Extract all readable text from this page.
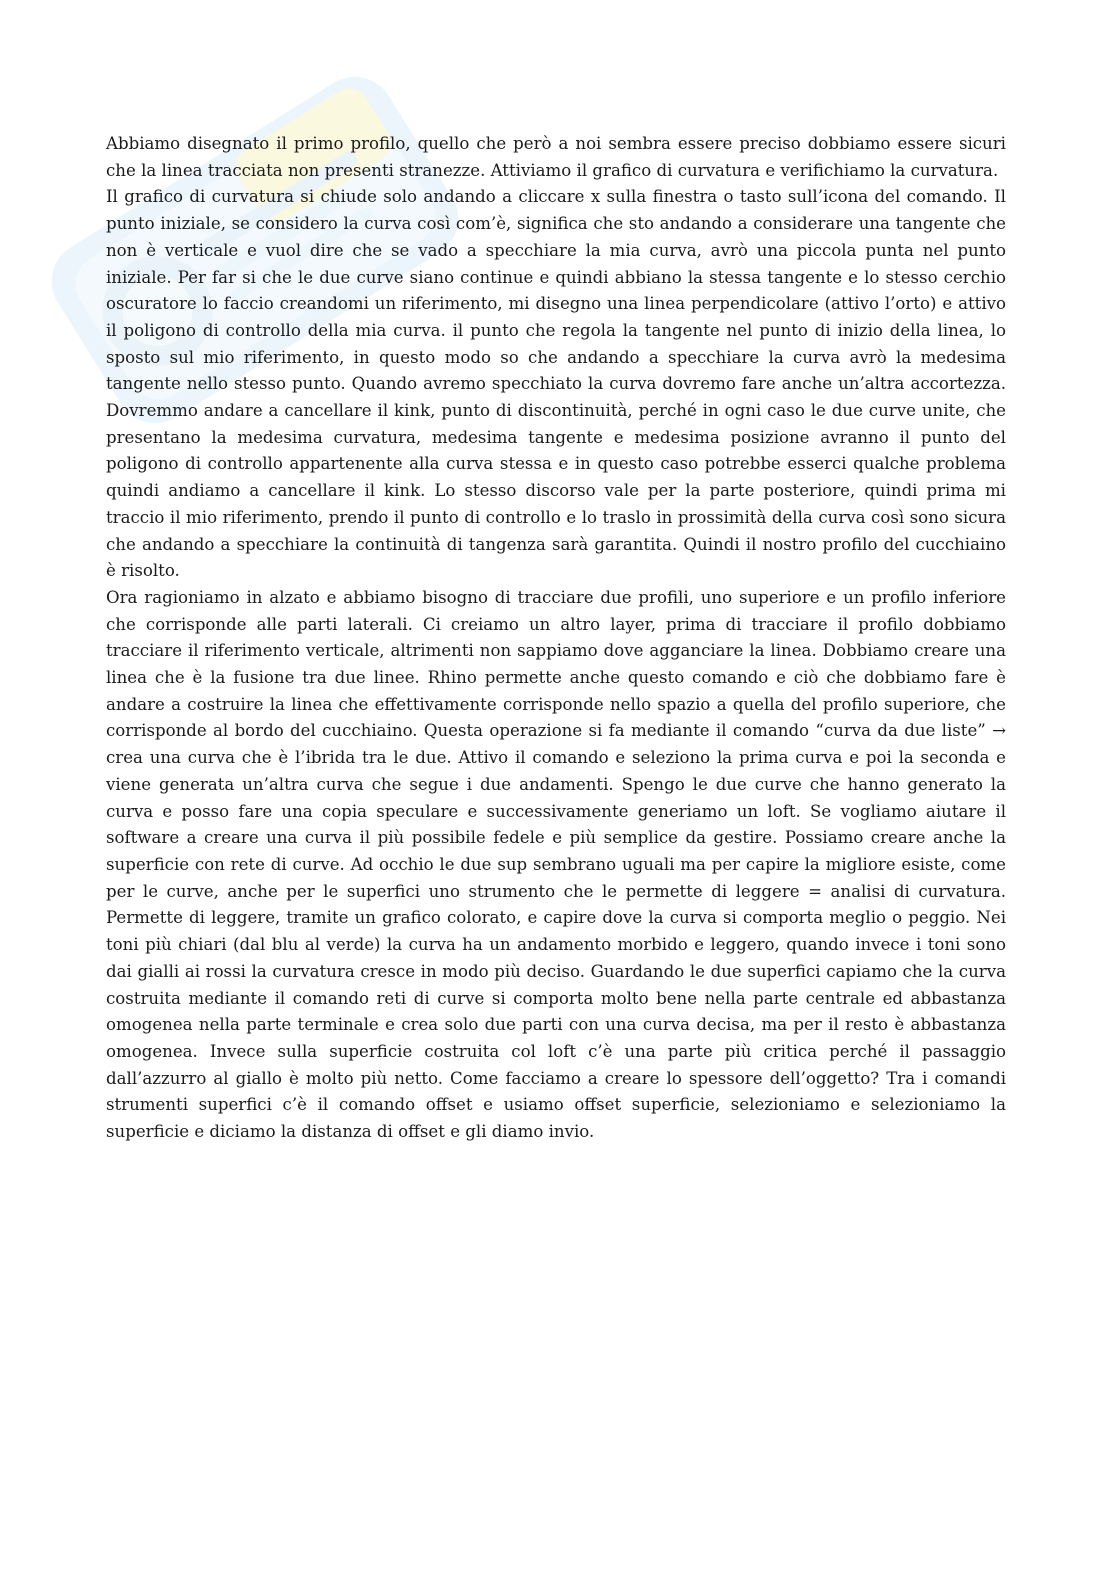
Abbiamo disegnato il primo profilo, quello che però a noi sembra essere preciso dobbiamo essere sicuri che la linea tracciata non presenti stranezze. Attiviamo il grafico di curvatura e verifichiamo la curvatura.

Il grafico di curvatura si chiude solo andando a cliccare x sulla finestra o tasto sull’icona del comando. Il punto iniziale, se considero la curva così com’è, significa che sto andando a considerare una tangente che non è verticale e vuol dire che se vado a specchiare la mia curva, avrò una piccola punta nel punto iniziale. Per far si che le due curve siano continue e quindi abbiano la stessa tangente e lo stesso cerchio oscuratore lo faccio creandomi un riferimento, mi disegno una linea perpendicolare (attivo l’orto) e attivo il poligono di controllo della mia curva. il punto che regola la tangente nel punto di inizio della linea, lo sposto sul mio riferimento, in questo modo so che andando a specchiare la curva avrò la medesima tangente nello stesso punto. Quando avremo specchiato la curva dovremo fare anche un’altra accortezza. Dovremmo andare a cancellare il kink, punto di discontinuità, perché in ogni caso le due curve unite, che presentano la medesima curvatura, medesima tangente e medesima posizione avranno il punto del poligono di controllo appartenente alla curva stessa e in questo caso potrebbe esserci qualche problema quindi andiamo a cancellare il kink. Lo stesso discorso vale per la parte posteriore, quindi prima mi traccio il mio riferimento, prendo il punto di controllo e lo traslo in prossimità della curva così sono sicura che andando a specchiare la continuità di tangenza sarà garantita. Quindi il nostro profilo del cucchiaino è risolto.

Ora ragioniamo in alzato e abbiamo bisogno di tracciare due profili, uno superiore e un profilo inferiore che corrisponde alle parti laterali. Ci creiamo un altro layer, prima di tracciare il profilo dobbiamo tracciare il riferimento verticale, altrimenti non sappiamo dove agganciare la linea. Dobbiamo creare una linea che è la fusione tra due linee. Rhino permette anche questo comando e ciò che dobbiamo fare è andare a costruire la linea che effettivamente corrisponde nello spazio a quella del profilo superiore, che corrisponde al bordo del cucchiaino. Questa operazione si fa mediante il comando “curva da due liste” → crea una curva che è l’ibrida tra le due. Attivo il comando e seleziono la prima curva e poi la seconda e viene generata un’altra curva che segue i due andamenti. Spengo le due curve che hanno generato la curva e posso fare una copia speculare e successivamente generiamo un loft. Se vogliamo aiutare il software a creare una curva il più possibile fedele e più semplice da gestire. Possiamo creare anche la superficie con rete di curve. Ad occhio le due sup sembrano uguali ma per capire la migliore esiste, come per le curve, anche per le superfici uno strumento che le permette di leggere = analisi di curvatura. Permette di leggere, tramite un grafico colorato, e capire dove la curva si comporta meglio o peggio. Nei toni più chiari (dal blu al verde) la curva ha un andamento morbido e leggero, quando invece i toni sono dai gialli ai rossi la curvatura cresce in modo più deciso. Guardando le due superfici capiamo che la curva costruita mediante il comando reti di curve si comporta molto bene nella parte centrale ed abbastanza omogenea nella parte terminale e crea solo due parti con una curva decisa, ma per il resto è abbastanza omogenea. Invece sulla superficie costruita col loft c’è una parte più critica perché il passaggio dall’azzurro al giallo è molto più netto. Come facciamo a creare lo spessore dell’oggetto? Tra i comandi strumenti superfici c’è il comando offset e usiamo offset superficie, selezioniamo e selezioniamo la superficie e diciamo la distanza di offset e gli diamo invio.
